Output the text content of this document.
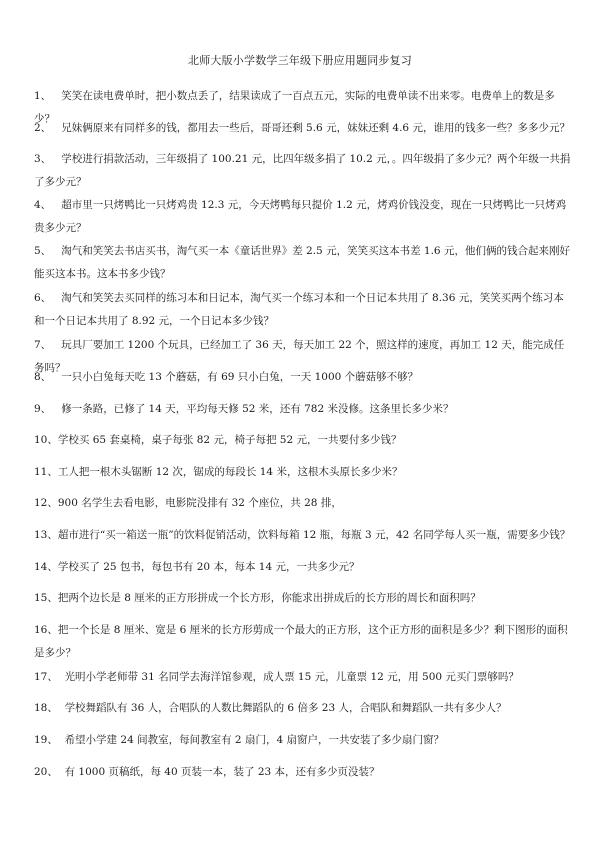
北师大版小学数学三年级下册应用题同步复习
1、 笑笑在读电费单时，把小数点丢了，结果读成了一百点五元，实际的电费单读不出来零。电费单上的数是多少？
2、 兄妹俩原来有同样多的钱，都用去一些后，哥哥还剩 5.6 元，妹妹还剩 4.6 元，谁用的钱多一些？多多少元？
3、 学校进行捐款活动，三年级捐了 100.21 元，比四年级多捐了 10.2 元，。四年级捐了多少元？两个年级一共捐了多少元？
4、 超市里一只烤鸭比一只烤鸡贵 12.3 元，今天烤鸭每只提价 1.2 元，烤鸡价钱没变，现在一只烤鸭比一只烤鸡贵多少元？
5、 淘气和笑笑去书店买书，淘气买一本《童话世界》差 2.5 元，笑笑买这本书差 1.6 元，他们俩的钱合起来刚好能买这本书。这本书多少钱？
6、 淘气和笑笑去买同样的练习本和日记本，淘气买一个练习本和一个日记本共用了 8.36 元，笑笑买两个练习本和一个日记本共用了 8.92 元，一个日记本多少钱？
7、 玩具厂要加工 1200 个玩具，已经加工了 36 天，每天加工 22 个，照这样的速度，再加工 12 天，能完成任务吗？
8、 一只小白兔每天吃 13 个蘑菇，有 69 只小白兔，一天 1000 个蘑菇够不够？
9、 修一条路，已修了 14 天，平均每天修 52 米，还有 782 米没修。这条里长多少米？
10、学校买 65 套桌椅，桌子每张 82 元，椅子每把 52 元，一共要付多少钱？
11、工人把一根木头锯断 12 次，锯成的每段长 14 米，这根木头原长多少米？
12、900 名学生去看电影，电影院没排有 32 个座位，共 28 排，
13、超市进行“买一箱送一瓶”的饮料促销活动，饮料每箱 12 瓶，每瓶 3 元，42 名同学每人买一瓶，需要多少钱？
14、学校买了 25 包书，每包书有 20 本，每本 14 元，一共多少元？
15、把两个边长是 8 厘米的正方形拼成一个长方形，你能求出拼成后的长方形的周长和面积吗？
16、把一个长是 8 厘米、宽是 6 厘米的长方形剪成一个最大的正方形，这个正方形的面积是多少？剩下图形的面积是多少？
17、 光明小学老师带 31 名同学去海洋馆参观，成人票 15 元，儿童票 12 元，用 500 元买门票够吗？
18、 学校舞蹈队有 36 人，合唱队的人数比舞蹈队的 6 倍多 23 人，合唱队和舞蹈队一共有多少人？
19、 希望小学建 24 间教室，每间教室有 2 扇门，4 扇窗户，一共安装了多少扇门窗？
20、 有 1000 页稿纸，每 40 页装一本，装了 23 本，还有多少页没装？
